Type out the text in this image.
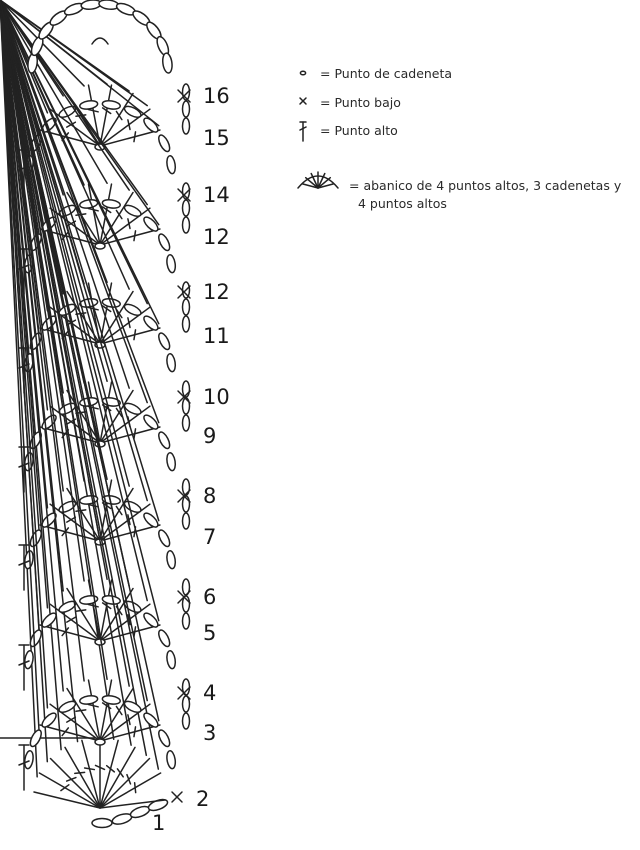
1
2
3
4
5
6
7
8
9
10
11
12
12
14
15
16
= Punto de cadeneta
= Punto bajo
= Punto alto
= abanico de 4 puntos altos, 3 cadenetas y
4 puntos altos
